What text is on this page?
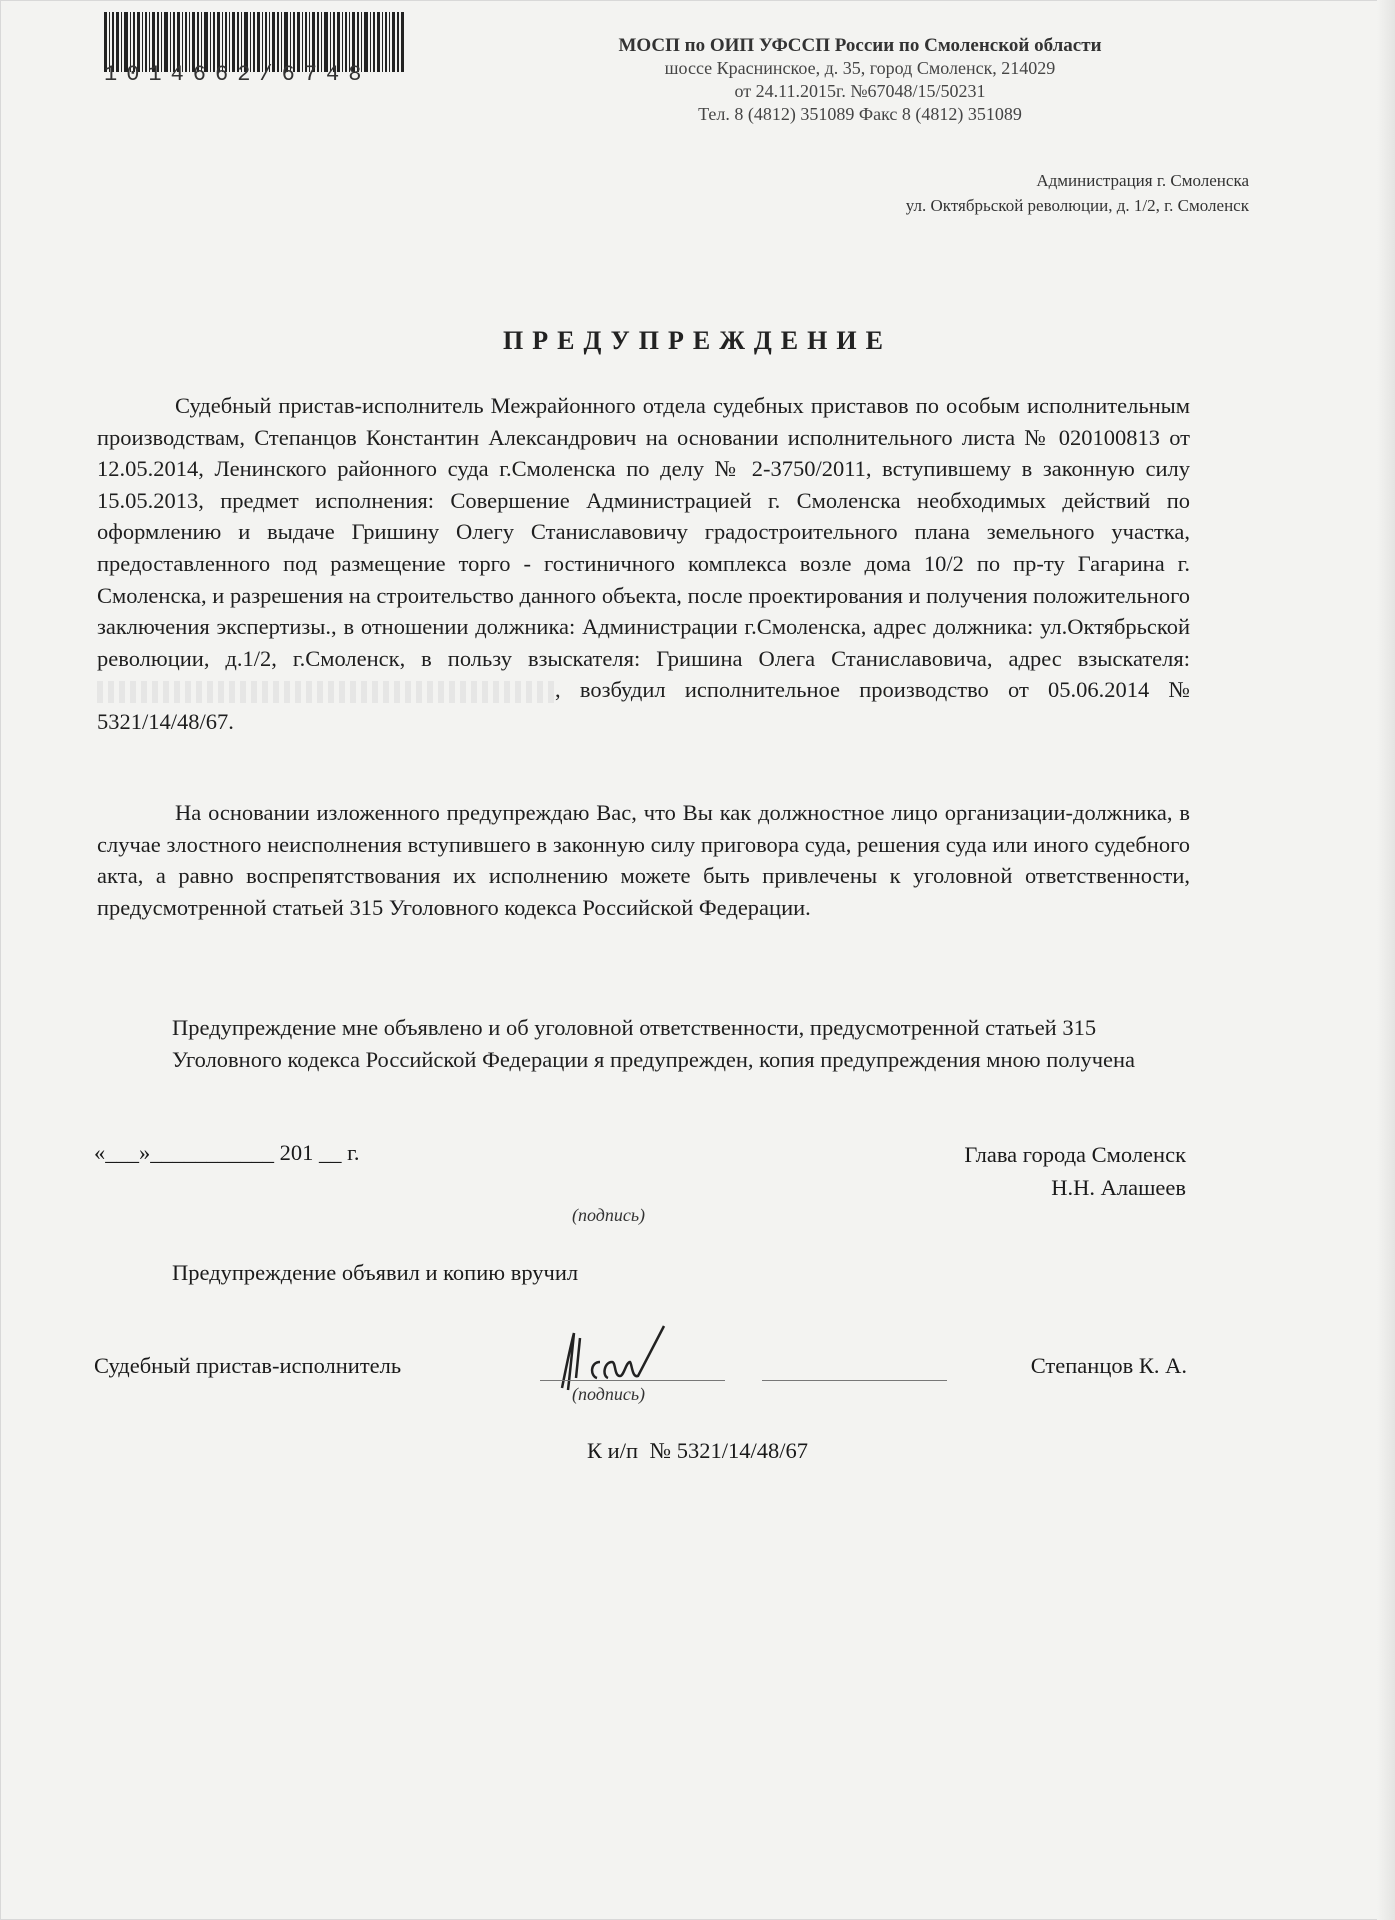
1014662/6748
МОСП по ОИП УФССП России по Смоленской области
шоссе Краснинское, д. 35, город Смоленск, 214029
от 24.11.2015г. №67048/15/50231
Тел. 8 (4812) 351089 Факс 8 (4812) 351089
Администрация г. Смоленска
ул. Октябрьской революции, д. 1/2, г. Смоленск
ПРЕДУПРЕЖДЕНИЕ
Судебный пристав-исполнитель Межрайонного отдела судебных приставов по особым исполнительным производствам, Степанцов Константин Александрович на основании исполнительного листа № 020100813 от 12.05.2014, Ленинского районного суда г.Смоленска по делу № 2-3750/2011, вступившему в законную силу 15.05.2013, предмет исполнения: Совершение Администрацией г. Смоленска необходимых действий по оформлению и выдаче Гришину Олегу Станиславовичу градостроительного плана земельного участка, предоставленного под размещение торго - гостиничного комплекса возле дома 10/2 по пр-ту Гагарина г. Смоленска, и разрешения на строительство данного объекта, после проектирования и получения положительного заключения экспертизы., в отношении должника: Администрации г.Смоленска, адрес должника: ул.Октябрьской революции, д.1/2, г.Смоленск, в пользу взыскателя: Гришина Олега Станиславовича, адрес взыскателя: , возбудил исполнительное производство от 05.06.2014 № 5321/14/48/67.
На основании изложенного предупреждаю Вас, что Вы как должностное лицо организации-должника, в случае злостного неисполнения вступившего в законную силу приговора суда, решения суда или иного судебного акта, а равно воспрепятствования их исполнению можете быть привлечены к уголовной ответственности, предусмотренной статьей 315 Уголовного кодекса Российской Федерации.
Предупреждение мне объявлено и об уголовной ответственности, предусмотренной статьей 315 Уголовного кодекса Российской Федерации я предупрежден, копия предупреждения мною получена
«___»___________ 201 __ г.	Глава города Смоленск
Н.Н. Алашеев
(подпись)
Предупреждение объявил и копию вручил
Судебный пристав-исполнитель	Степанцов К. А.
(подпись)
К и/п № 5321/14/48/67
